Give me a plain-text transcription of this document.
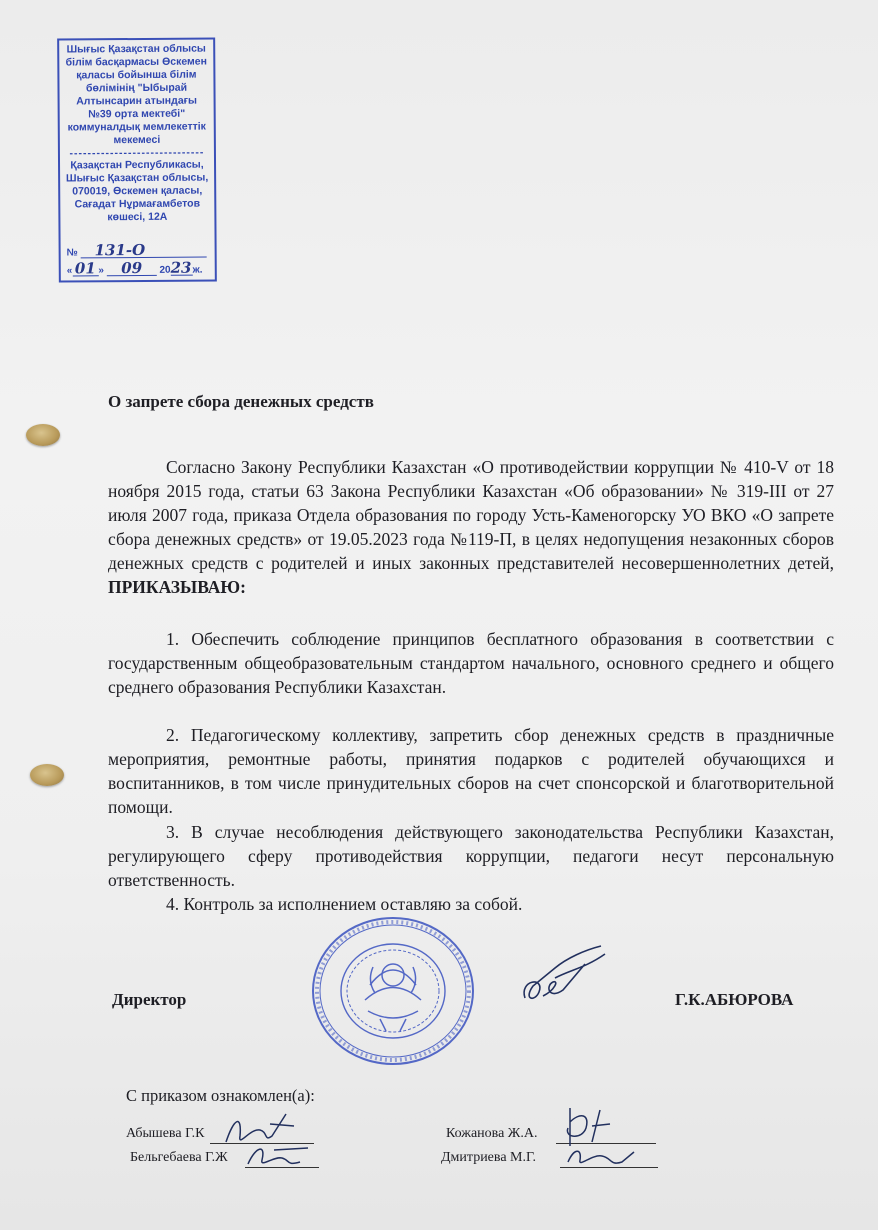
Шығыс Қазақстан облысы
білім басқармасы Өскемен
қаласы бойынша білім
бөлімінің "Ыбырай
Алтынсарин атындағы
№39 орта мектебі"
коммуналдық мемлекеттік
мекемесі
------------------------------
Қазақстан Республикасы,
Шығыс Қазақстан облысы,
070019, Өскемен қаласы,
Сағадат Нұрмағамбетов
көшесі, 12А
№ 131-О
« 01 » 09 2023ж.
О запрете сбора денежных средств
Согласно Закону Республики Казахстан «О противодействии коррупции № 410-V от 18 ноября 2015 года, статьи 63 Закона Республики Казахстан «Об образовании» № 319-III от 27 июля 2007 года, приказа Отдела образования по городу Усть-Каменогорску УО ВКО «О запрете сбора денежных средств» от 19.05.2023 года №119-П, в целях недопущения незаконных сборов денежных средств с родителей и иных законных представителей несовершеннолетних детей, ПРИКАЗЫВАЮ:
1. Обеспечить соблюдение принципов бесплатного образования в соответствии с государственным общеобразовательным стандартом начального, основного среднего и общего среднего образования Республики Казахстан.
2. Педагогическому коллективу, запретить сбор денежных средств в праздничные мероприятия, ремонтные работы, принятия подарков с родителей обучающихся и воспитанников, в том числе принудительных сборов на счет спонсорской и благотворительной помощи.
3. В случае несоблюдения действующего законодательства Республики Казахстан, регулирующего сферу противодействия коррупции, педагоги несут персональную ответственность.
4. Контроль за исполнением оставляю за собой.
Директор	Г.К.АБЮРОВА
С приказом ознакомлен(а):
Абышева Г.К
Бельгебаева Г.Ж
Кожанова Ж.А.
Дмитриева М.Г.
